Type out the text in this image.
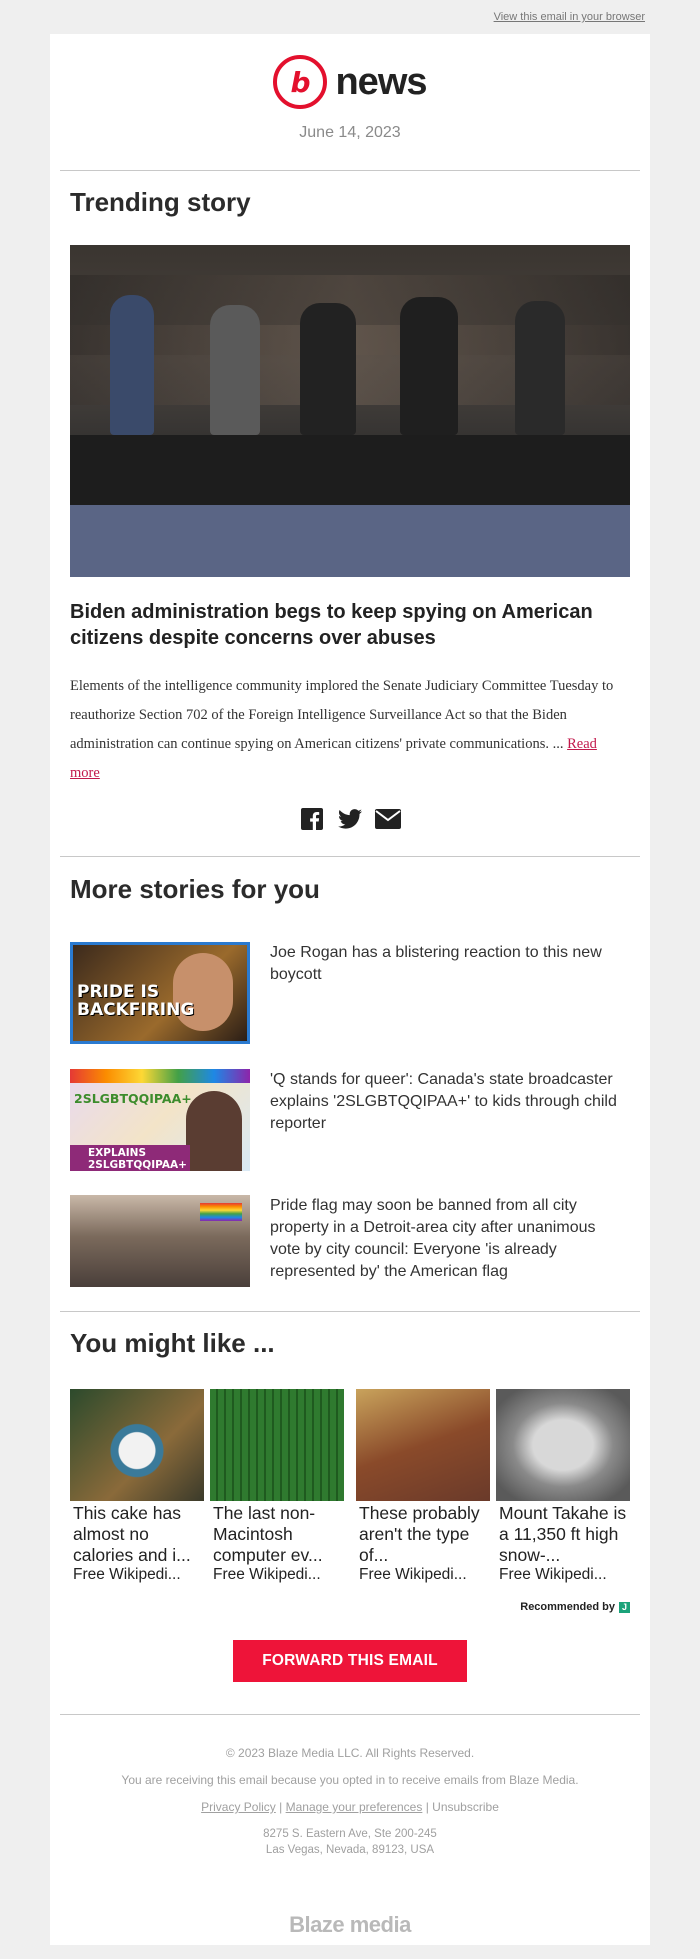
View this email in your browser
b news
June 14, 2023
Trending story
Biden administration begs to keep spying on American citizens despite concerns over abuses
Elements of the intelligence community implored the Senate Judiciary Committee Tuesday to reauthorize Section 702 of the Foreign Intelligence Surveillance Act so that the Biden administration can continue spying on American citizens' private communications. ... Read more
More stories for you
PRIDE IS BACKFIRING
Joe Rogan has a blistering reaction to this new boycott
2SLGBTQQIPAA+
EXPLAINS 2SLGBTQQIPAA+
'Q stands for queer': Canada's state broadcaster explains '2SLGBTQQIPAA+' to kids through child reporter
Pride flag may soon be banned from all city property in a Detroit-area city after unanimous vote by city council: Everyone 'is already represented by' the American flag
You might like ...
This cake has almost no calories and i...
Free Wikipedi...
The last non-Macintosh computer ev...
Free Wikipedi...
These probably aren't the type of...
Free Wikipedi...
Mount Takahe is a 11,350 ft high snow-...
Free Wikipedi...
Recommended by J
FORWARD THIS EMAIL
© 2023 Blaze Media LLC. All Rights Reserved.
You are receiving this email because you opted in to receive emails from Blaze Media.
Privacy Policy | Manage your preferences | Unsubscribe
8275 S. Eastern Ave, Ste 200-245
Las Vegas, Nevada, 89123, USA
Blaze media
